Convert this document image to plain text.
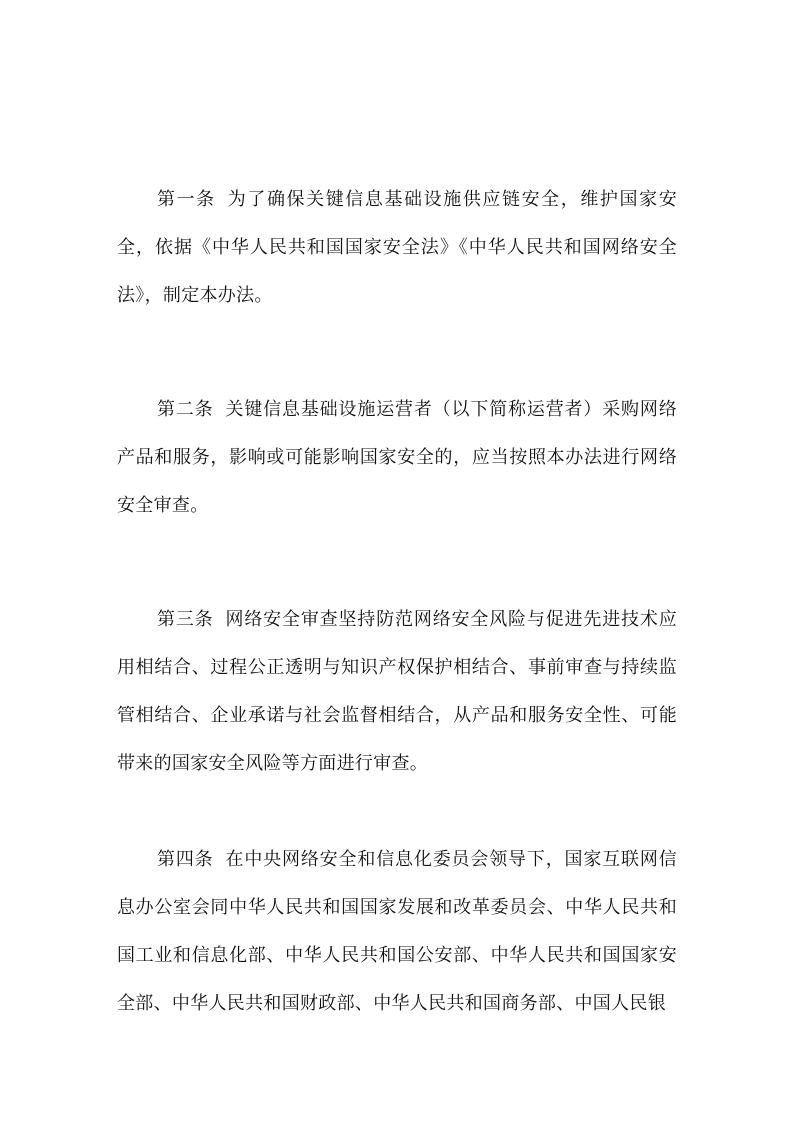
第一条 为了确保关键信息基础设施供应链安全，维护国家安全，依据《中华人民共和国国家安全法》《中华人民共和国网络安全法》，制定本办法。

第二条 关键信息基础设施运营者（以下简称运营者）采购网络产品和服务，影响或可能影响国家安全的，应当按照本办法进行网络安全审查。

第三条 网络安全审查坚持防范网络安全风险与促进先进技术应用相结合、过程公正透明与知识产权保护相结合、事前审查与持续监管相结合、企业承诺与社会监督相结合，从产品和服务安全性、可能带来的国家安全风险等方面进行审查。

第四条 在中央网络安全和信息化委员会领导下，国家互联网信息办公室会同中华人民共和国国家发展和改革委员会、中华人民共和国工业和信息化部、中华人民共和国公安部、中华人民共和国国家安全部、中华人民共和国财政部、中华人民共和国商务部、中国人民银
